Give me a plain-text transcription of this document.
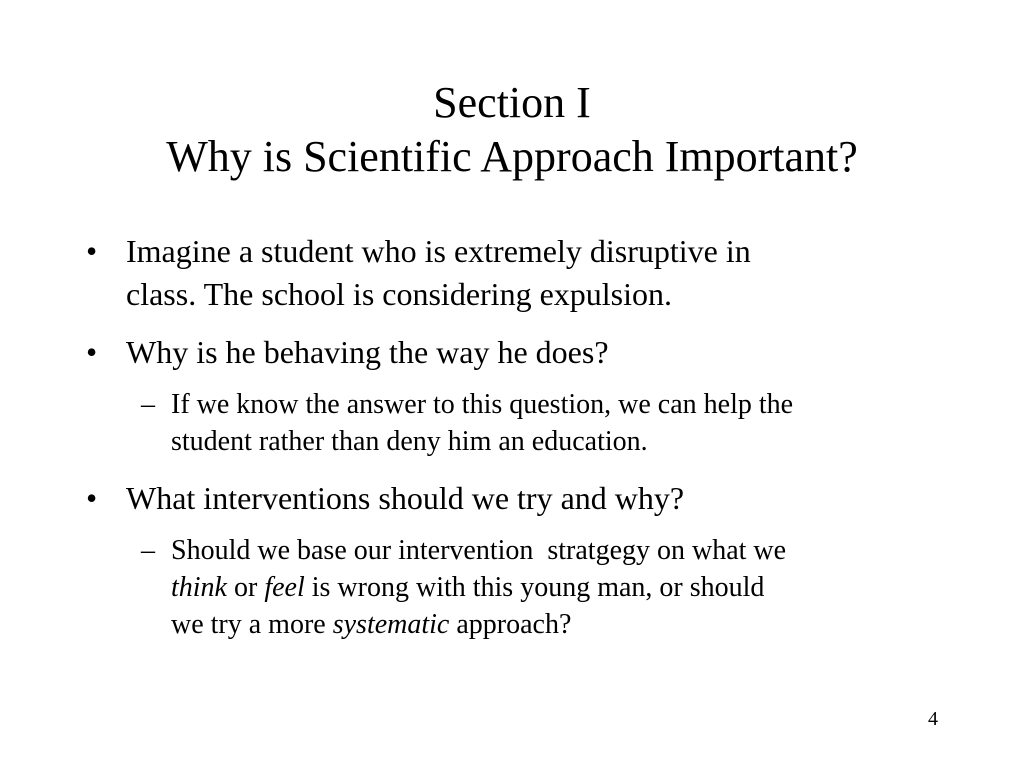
Section I
Why is Scientific Approach Important?
• Imagine a student who is extremely disruptive in
class. The school is considering expulsion.
• Why is he behaving the way he does?
– If we know the answer to this question, we can help the
student rather than deny him an education.
• What interventions should we try and why?
– Should we base our intervention  stratgegy on what we
think or feel is wrong with this young man, or should
we try a more systematic approach?
4
